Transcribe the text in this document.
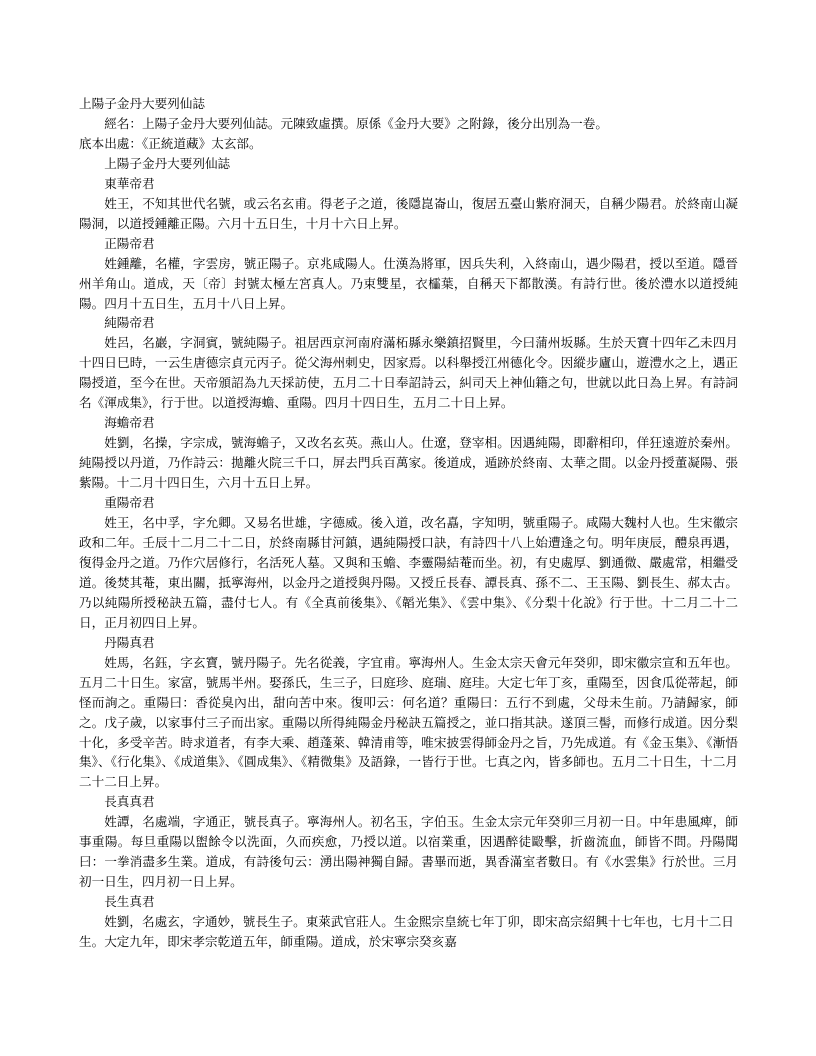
上陽子金丹大要列仙誌
經名：上陽子金丹大要列仙誌。元陳致虛撰。原係《金丹大要》之附錄，後分出別為一卷。
底本出處：《正統道藏》太玄部。
上陽子金丹大要列仙誌
東華帝君
姓王，不知其世代名號，或云名玄甫。得老子之道，後隱崑崙山，復居五臺山紫府洞天，自稱少陽君。於終南山凝陽洞，以道授鍾離正陽。六月十五日生，十月十六日上昇。
正陽帝君
姓鍾離，名權，字雲房，號正陽子。京兆咸陽人。仕漢為將軍，因兵失利，入終南山，遇少陽君，授以至道。隱晉州羊角山。道成，天〔帝〕封號太極左宮真人。乃束雙星，衣櫺葉，自稱天下都散漢。有詩行世。後於澧水以道授純陽。四月十五日生，五月十八日上昇。
純陽帝君
姓呂，名巖，字洞賓，號純陽子。祖居西京河南府滿柘縣永樂鎮招賢里，今曰蒲州坂縣。生於天寶十四年乙未四月十四日巳時，一云生唐德宗貞元丙子。從父海州刺史，因家焉。以科舉授江州德化令。因縱步廬山，遊澧水之上，遇正陽授道，至今在世。天帝頒詔為九天採訪使，五月二十日奉詔詩云，糾司天上神仙籍之句，世就以此日為上昇。有詩詞名《渾成集》，行于世。以道授海蟾、重陽。四月十四日生，五月二十日上昇。
海蟾帝君
姓劉，名操，字宗成，號海蟾子，又改名玄英。燕山人。仕遼，登宰相。因遇純陽，即辭相印，佯狂遠遊於秦州。純陽授以丹道，乃作詩云：拋離火院三千口，屏去門兵百萬家。後道成，遁跡於終南、太華之間。以金丹授董凝陽、張紫陽。十二月十四日生，六月十五日上昇。
重陽帝君
姓王，名中孚，字允卿。又易名世雄，字德威。後入道，改名嚞，字知明，號重陽子。咸陽大魏村人也。生宋徽宗政和二年。壬辰十二月二十二日，於終南縣甘河鎮，遇純陽授口訣，有詩四十八上始遭逢之句。明年庚辰，醴泉再遇，復得金丹之道。乃作穴居修行，名活死人墓。又與和玉蟾、李靈陽結菴而坐。初，有史處厚、劉通微、嚴處常，相繼受道。後焚其菴，東出關，抵寧海州，以金丹之道授與丹陽。又授丘長春、譚長真、孫不二、王玉陽、劉長生、郝太古。乃以純陽所授秘訣五篇，盡付七人。有《全真前後集》、《韜光集》、《雲中集》、《分梨十化說》行于世。十二月二十二日，正月初四日上昇。
丹陽真君
姓馬，名鈺，字玄寶，號丹陽子。先名從義，字宜甫。寧海州人。生金太宗天會元年癸卯，即宋徽宗宣和五年也。五月二十日生。家富，號馬半州。娶孫氏，生三子，曰庭珍、庭瑞、庭珪。大定七年丁亥，重陽至，因食瓜從蒂起，師怪而詢之。重陽曰：香從臭內出，甜向苦中來。復叩云：何名道？重陽曰：五行不到處，父母未生前。乃請歸家，師之。戊子歲，以家事付三子而出家。重陽以所得純陽金丹秘訣五篇授之，並口指其訣。遂頂三髻，而修行成道。因分梨十化，多受辛苦。時求道者，有李大乘、趙蓬萊、韓清甫等，唯宋披雲得師金丹之旨，乃先成道。有《金玉集》、《漸悟集》、《行化集》、《成道集》、《圓成集》、《精微集》及語錄，一皆行于世。七真之內，皆多師也。五月二十日生，十二月二十二日上昇。
長真真君
姓譚，名處端，字通正，號長真子。寧海州人。初名玉，字伯玉。生金太宗元年癸卯三月初一日。中年患風痺，師事重陽。每旦重陽以盥餘令以洗面，久而疾愈，乃授以道。以宿業重，因遇醉徒毆擊，折齒流血，師皆不問。丹陽聞曰：一拳消盡多生業。道成，有詩後句云：湧出陽神獨自歸。書畢而逝，異香滿室者數日。有《水雲集》行於世。三月初一日生，四月初一日上昇。
長生真君
姓劉，名處玄，字通妙，號長生子。東萊武官莊人。生金熙宗皇統七年丁卯，即宋高宗紹興十七年也，七月十二日生。大定九年，即宋孝宗乾道五年，師重陽。道成，於宋寧宗癸亥嘉
